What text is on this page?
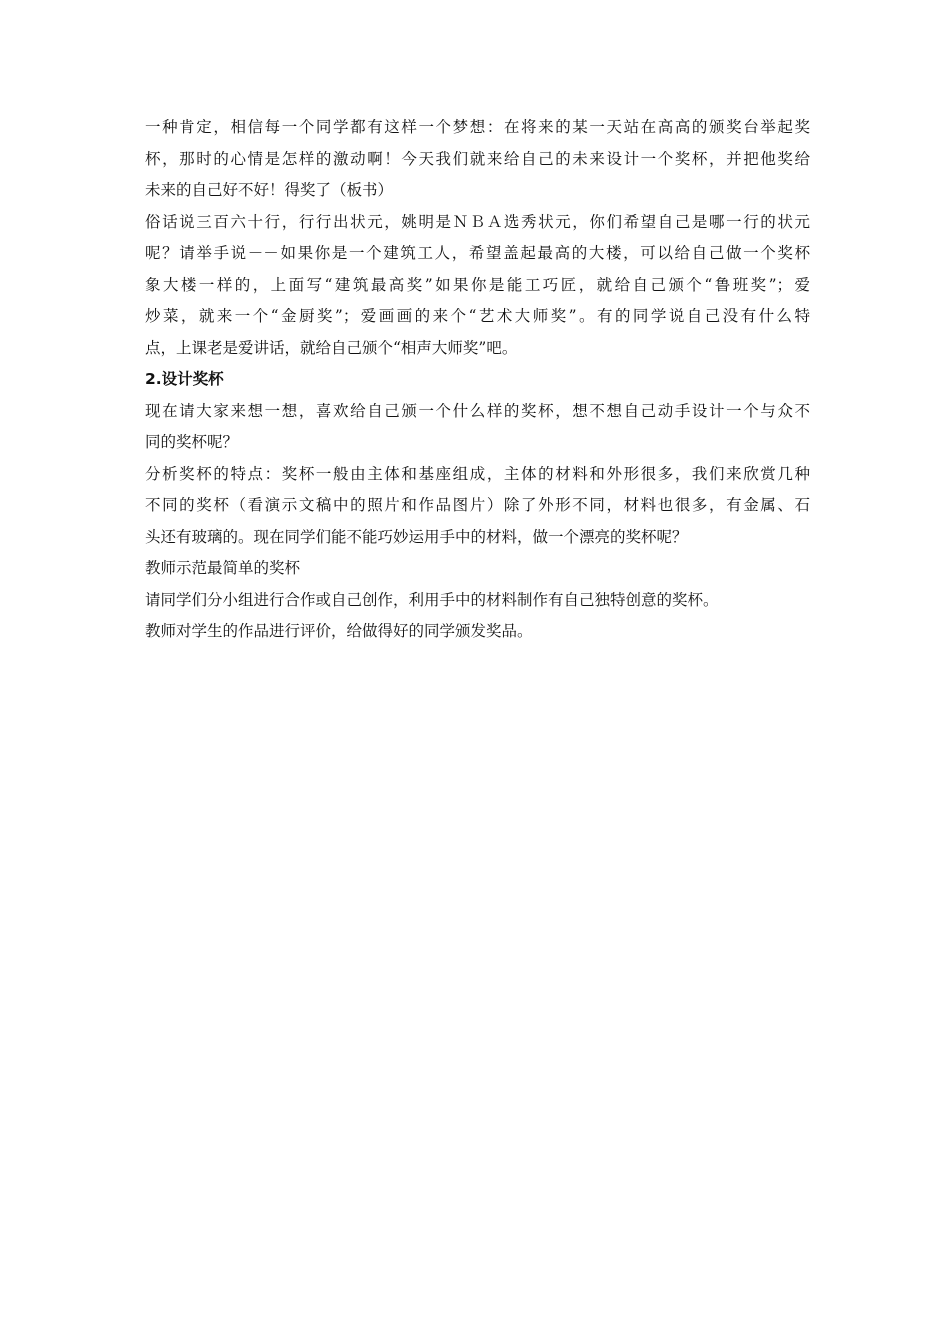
一种肯定，相信每一个同学都有这样一个梦想：在将来的某一天站在高高的颁奖台举起奖
杯，那时的心情是怎样的激动啊！今天我们就来给自己的未来设计一个奖杯，并把他奖给
未来的自己好不好！得奖了（板书）
俗话说三百六十行，行行出状元，姚明是ＮＢＡ选秀状元，你们希望自己是哪一行的状元
呢？请举手说－－如果你是一个建筑工人，希望盖起最高的大楼，可以给自己做一个奖杯
象大楼一样的，上面写“建筑最高奖”如果你是能工巧匠，就给自己颁个“鲁班奖”；爱
炒菜，就来一个“金厨奖”；爱画画的来个“艺术大师奖”。有的同学说自己没有什么特
点，上课老是爱讲话，就给自己颁个“相声大师奖”吧。
2.设计奖杯
现在请大家来想一想，喜欢给自己颁一个什么样的奖杯，想不想自己动手设计一个与众不
同的奖杯呢？
分析奖杯的特点：奖杯一般由主体和基座组成，主体的材料和外形很多，我们来欣赏几种
不同的奖杯（看演示文稿中的照片和作品图片）除了外形不同，材料也很多，有金属、石
头还有玻璃的。现在同学们能不能巧妙运用手中的材料，做一个漂亮的奖杯呢？
教师示范最简单的奖杯
请同学们分小组进行合作或自己创作，利用手中的材料制作有自己独特创意的奖杯。
教师对学生的作品进行评价，给做得好的同学颁发奖品。
